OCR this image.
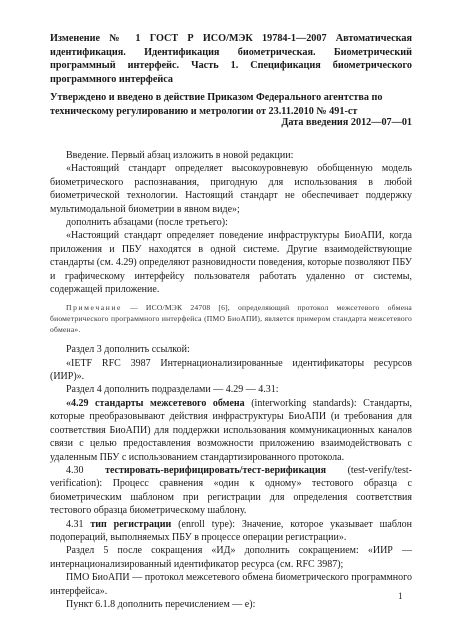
Изменение № 1 ГОСТ Р ИСО/МЭК 19784-1—2007 Автоматическая идентификация. Идентификация биометрическая. Биометрический программный интерфейс. Часть 1. Спецификация биометрического программного интерфейса
Утверждено и введено в действие Приказом Федерального агентства по техническому регулированию и метрологии от 23.11.2010 № 491-ст
Дата введения 2012—07—01

Введение. Первый абзац изложить в новой редакции:

«Настоящий стандарт определяет высокоуровневую обобщенную модель биометрического распознавания, пригодную для использования в любой биометрической технологии. Настоящий стандарт не обеспечивает поддержку мультимодальной биометрии в явном виде»;

дополнить абзацами (после третьего):

«Настоящий стандарт определяет поведение инфраструктуры БиоАПИ, когда приложения и ПБУ находятся в одной системе. Другие взаимодействующие стандарты (см. 4.29) определяют разновидности поведения, которые позволяют ПБУ и графическому интерфейсу пользователя работать удаленно от системы, содержащей приложение.

Примечание — ИСО/МЭК 24708 [6], определяющий протокол межсетевого обмена биометрического программного интерфейса (ПМО БиоАПИ), является примером стандарта межсетевого обмена».

Раздел 3 дополнить ссылкой:

«IETF RFC 3987 Интернационализированные идентификаторы ресурсов (ИИР)».

Раздел 4 дополнить подразделами — 4.29 — 4.31:

«4.29 стандарты межсетевого обмена (interworking standards): Стандарты, которые преобразовывают действия инфраструктуры БиоАПИ (и требования для соответствия БиоАПИ) для поддержки использования коммуникационных каналов связи с целью предоставления возможности приложению взаимодействовать с удаленным ПБУ с использованием стандартизированного протокола.

4.30 тестировать-верифицировать/тест-верификация (test-verify/test-verification): Процесс сравнения «один к одному» тестового образца с биометрическим шаблоном при регистрации для определения соответствия тестового образца биометрическому шаблону.

4.31 тип регистрации (enroll type): Значение, которое указывает шаблон подопераций, выполняемых ПБУ в процессе операции регистрации».

Раздел 5 после сокращения «ИД» дополнить сокращением: «ИИР — интернационализированный идентификатор ресурса (см. RFC 3987);

ПМО БиоАПИ — протокол межсетевого обмена биометрического программного интерфейса».

Пункт 6.1.8 дополнить перечислением — e):

1
